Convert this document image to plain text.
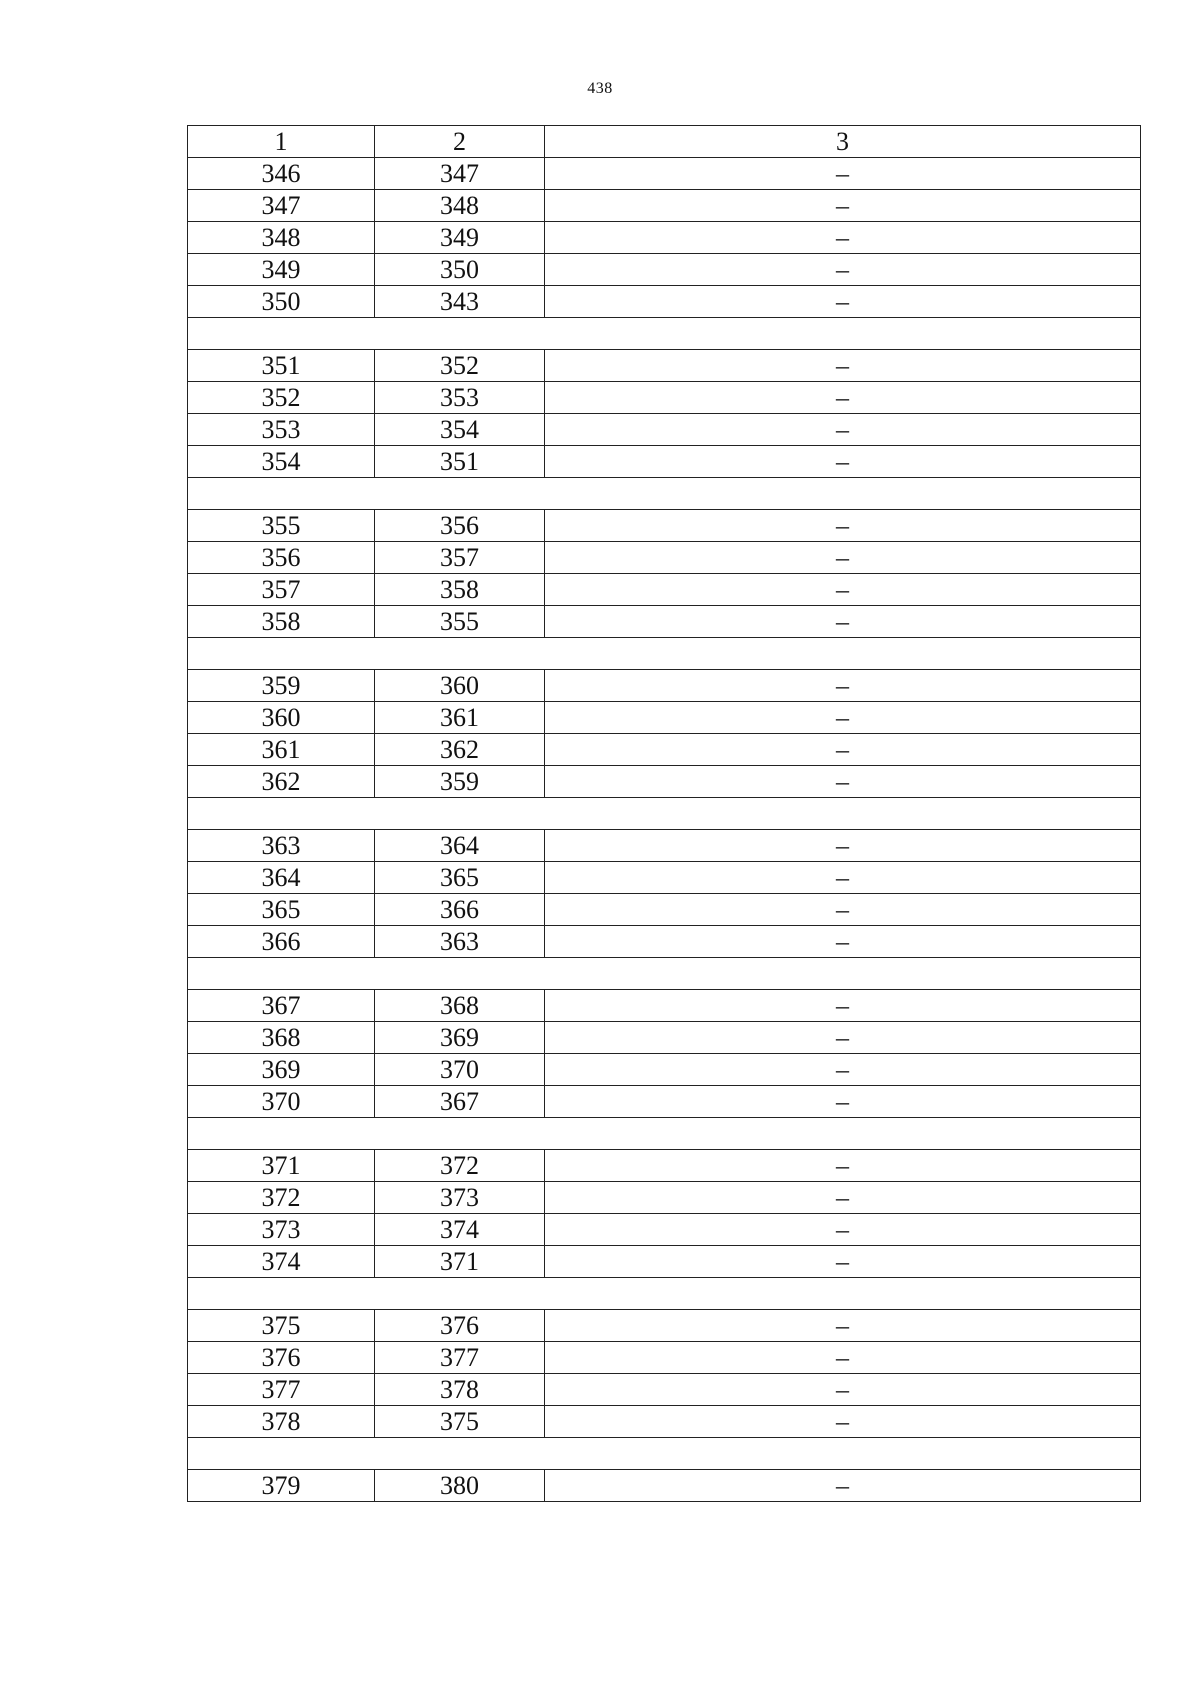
438
1	2	3
346	347	–
347	348	–
348	349	–
349	350	–
350	343	–

351	352	–
352	353	–
353	354	–
354	351	–

355	356	–
356	357	–
357	358	–
358	355	–

359	360	–
360	361	–
361	362	–
362	359	–

363	364	–
364	365	–
365	366	–
366	363	–

367	368	–
368	369	–
369	370	–
370	367	–

371	372	–
372	373	–
373	374	–
374	371	–

375	376	–
376	377	–
377	378	–
378	375	–

379	380	–
